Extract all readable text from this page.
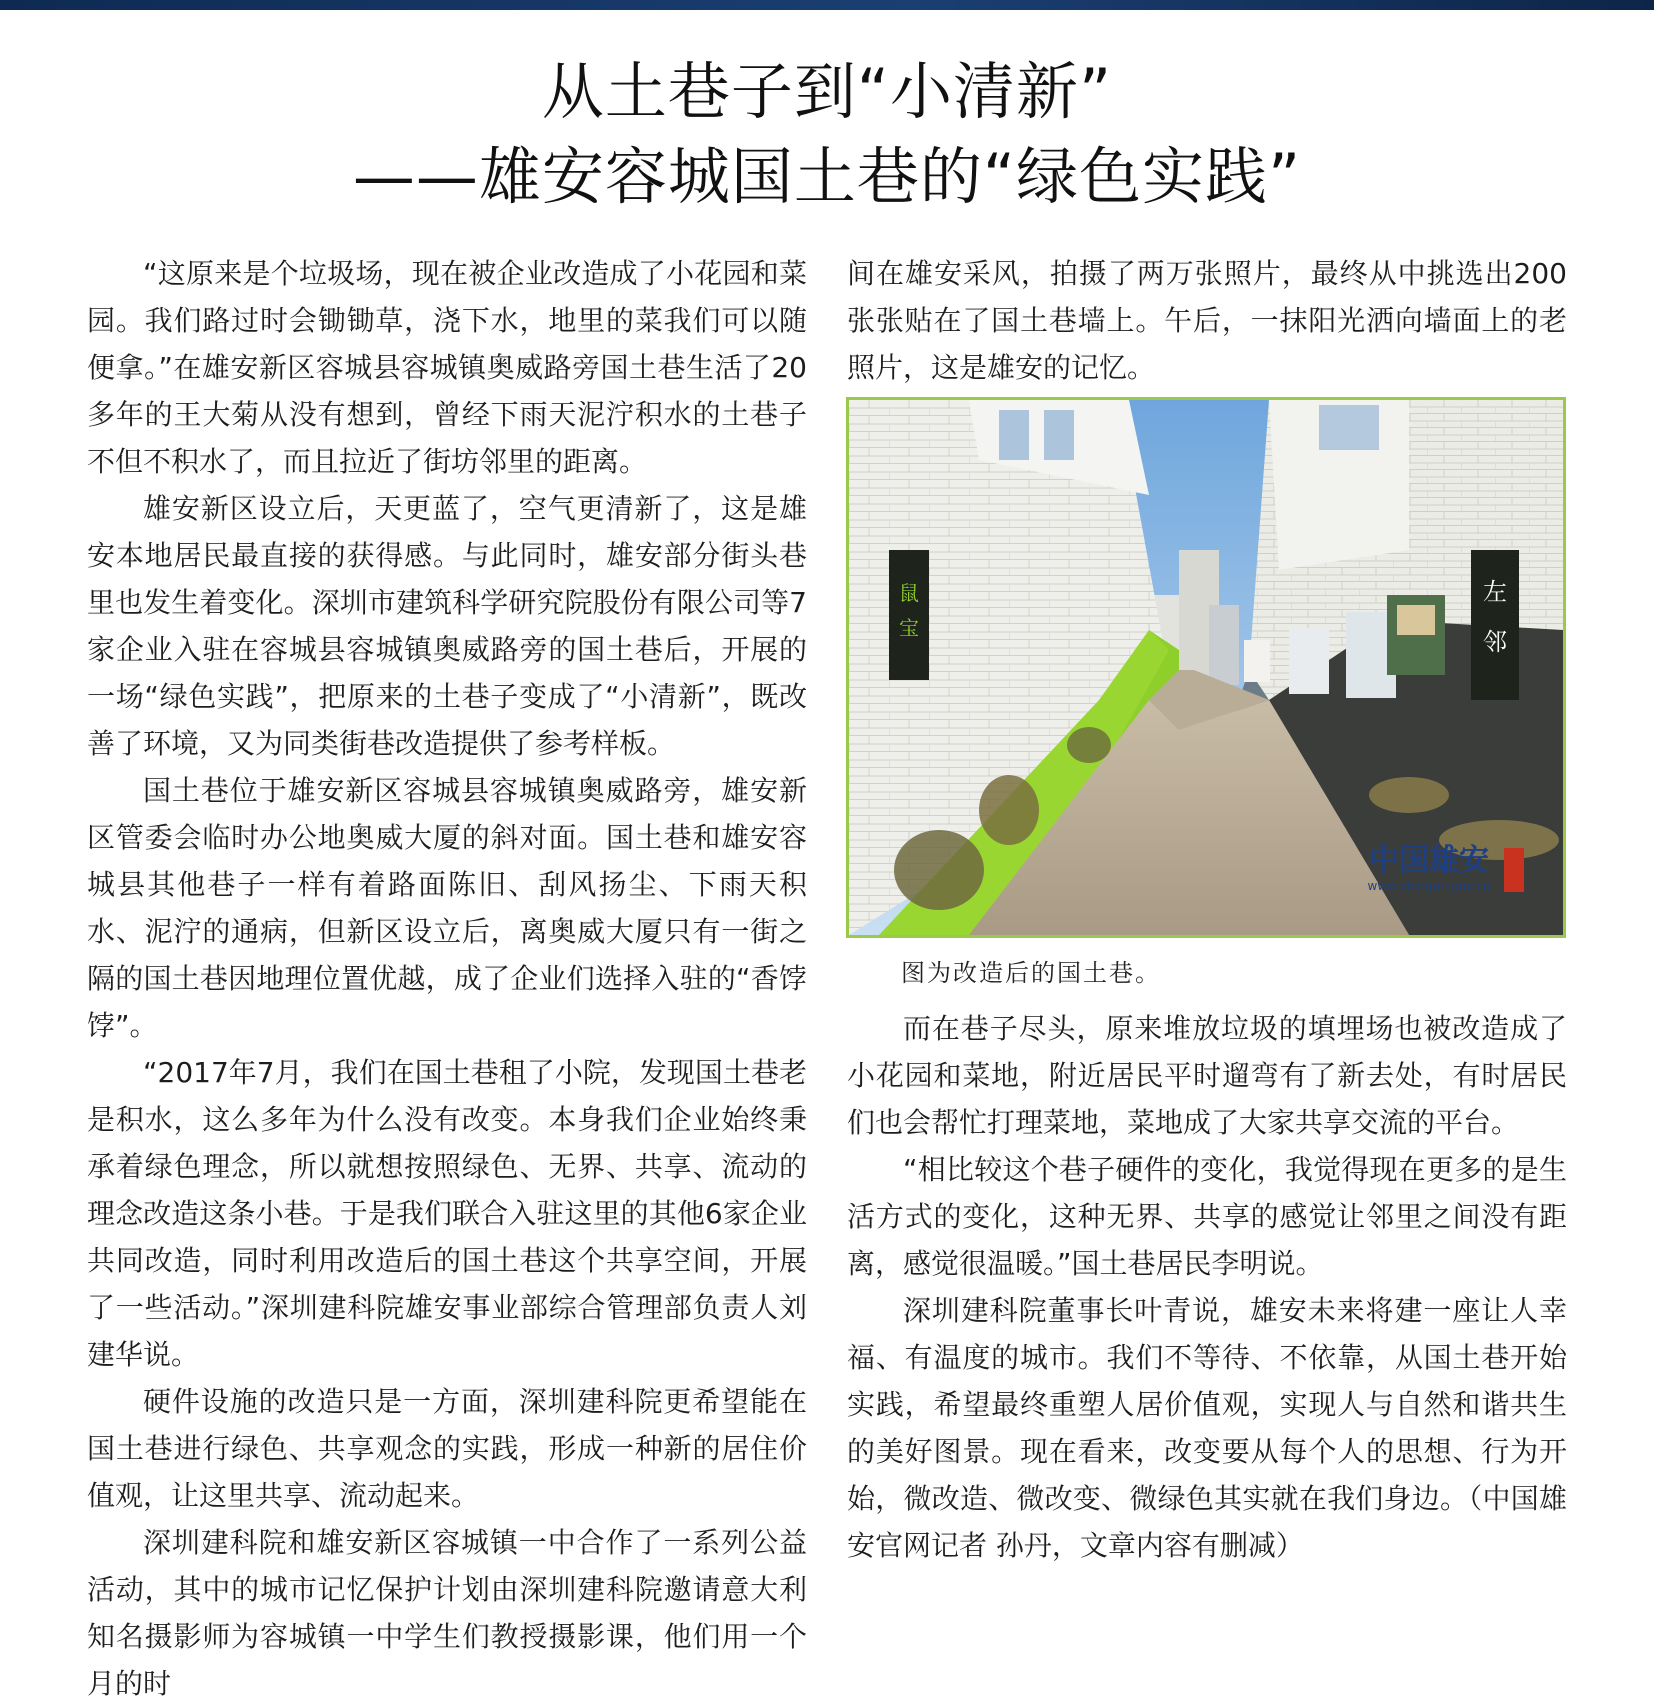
从土巷子到“小清新”
——雄安容城国土巷的“绿色实践”

“这原来是个垃圾场，现在被企业改造成了小花园和菜园。我们路过时会锄锄草，浇下水，地里的菜我们可以随便拿。”在雄安新区容城县容城镇奥威路旁国土巷生活了20多年的王大菊从没有想到，曾经下雨天泥泞积水的土巷子不但不积水了，而且拉近了街坊邻里的距离。

雄安新区设立后，天更蓝了，空气更清新了，这是雄安本地居民最直接的获得感。与此同时，雄安部分街头巷里也发生着变化。深圳市建筑科学研究院股份有限公司等7家企业入驻在容城县容城镇奥威路旁的国土巷后，开展的一场“绿色实践”，把原来的土巷子变成了“小清新”，既改善了环境，又为同类街巷改造提供了参考样板。

国土巷位于雄安新区容城县容城镇奥威路旁，雄安新区管委会临时办公地奥威大厦的斜对面。国土巷和雄安容城县其他巷子一样有着路面陈旧、刮风扬尘、下雨天积水、泥泞的通病，但新区设立后，离奥威大厦只有一街之隔的国土巷因地理位置优越，成了企业们选择入驻的“香饽饽”。

“2017年7月，我们在国土巷租了小院，发现国土巷老是积水，这么多年为什么没有改变。本身我们企业始终秉承着绿色理念，所以就想按照绿色、无界、共享、流动的理念改造这条小巷。于是我们联合入驻这里的其他6家企业共同改造，同时利用改造后的国土巷这个共享空间，开展了一些活动。”深圳建科院雄安事业部综合管理部负责人刘建华说。

硬件设施的改造只是一方面，深圳建科院更希望能在国土巷进行绿色、共享观念的实践，形成一种新的居住价值观，让这里共享、流动起来。

深圳建科院和雄安新区容城镇一中合作了一系列公益活动，其中的城市记忆保护计划由深圳建科院邀请意大利知名摄影师为容城镇一中学生们教授摄影课，他们用一个月的时

间在雄安采风，拍摄了两万张照片，最终从中挑选出200张张贴在了国土巷墙上。午后，一抹阳光洒向墙面上的老照片，这是雄安的记忆。

鼠
宝
左
邻
中国雄安
www.xiongan.gov.cn
图为改造后的国土巷。

而在巷子尽头，原来堆放垃圾的填埋场也被改造成了小花园和菜地，附近居民平时遛弯有了新去处，有时居民们也会帮忙打理菜地，菜地成了大家共享交流的平台。

“相比较这个巷子硬件的变化，我觉得现在更多的是生活方式的变化，这种无界、共享的感觉让邻里之间没有距离，感觉很温暖。”国土巷居民李明说。

深圳建科院董事长叶青说，雄安未来将建一座让人幸福、有温度的城市。我们不等待、不依靠，从国土巷开始实践，希望最终重塑人居价值观，实现人与自然和谐共生的美好图景。现在看来，改变要从每个人的思想、行为开始，微改造、微改变、微绿色其实就在我们身边。（中国雄安官网记者 孙丹，文章内容有删减）
